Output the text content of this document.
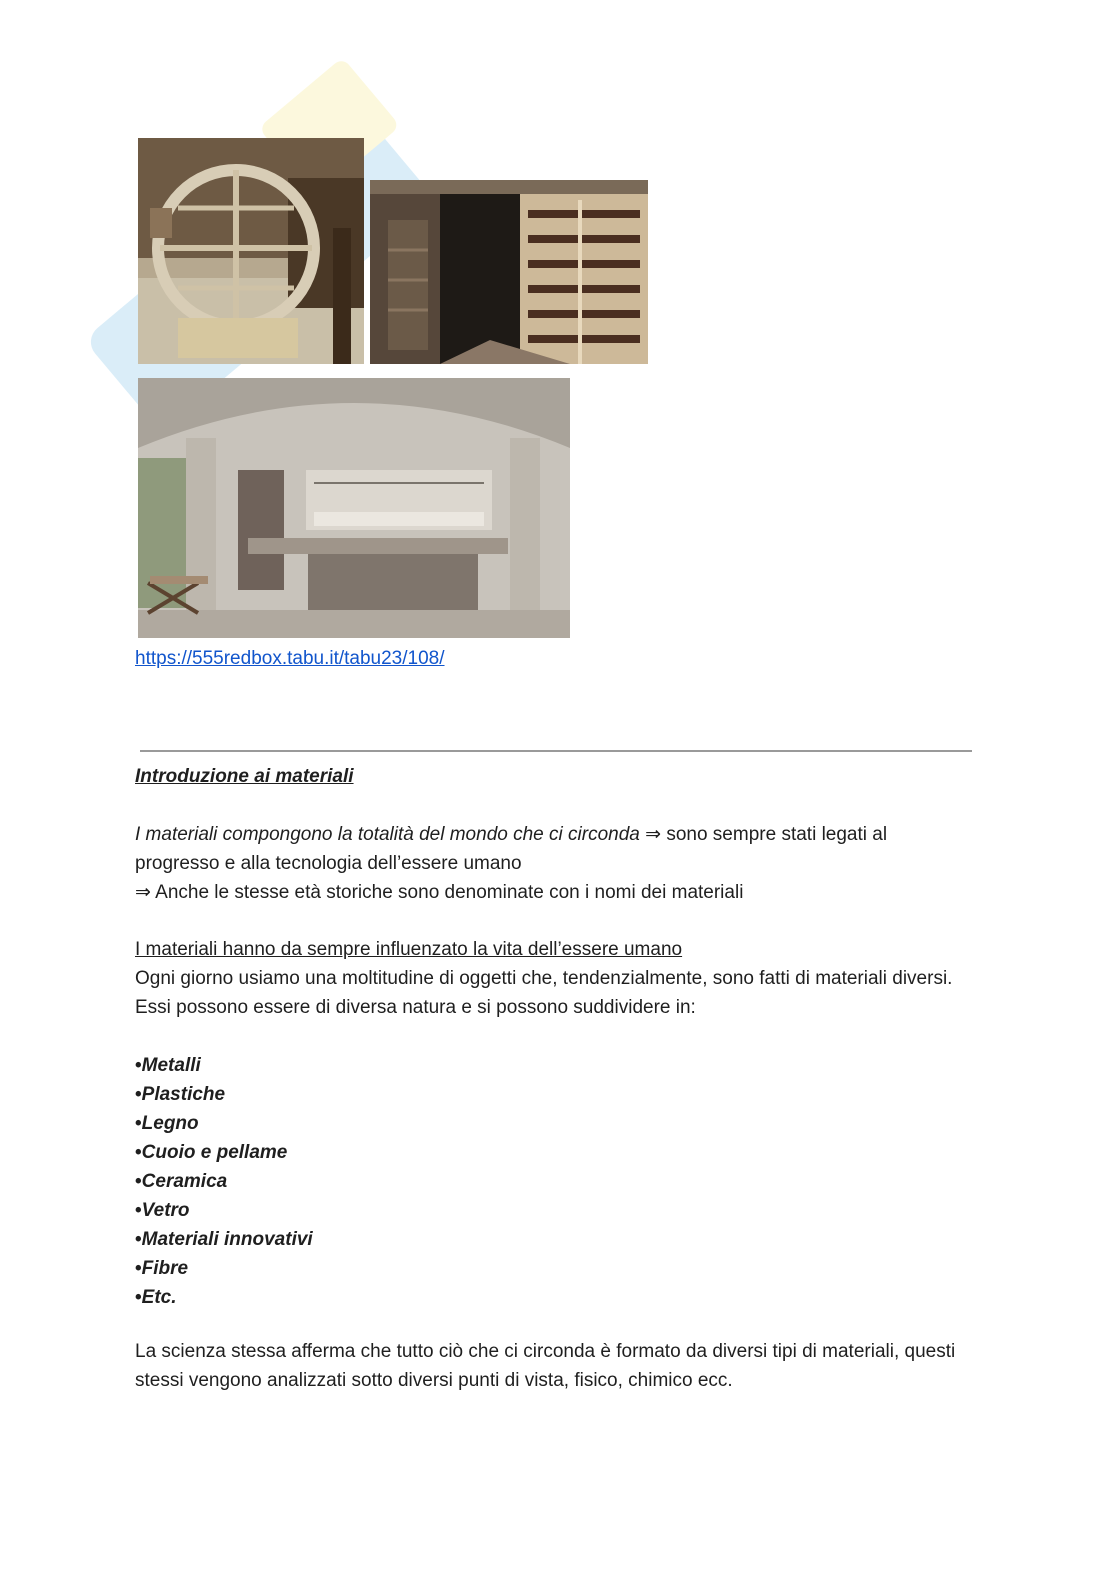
https://555redbox.tabu.it/tabu23/108/

Introduzione ai materiali

I materiali compongono la totalità del mondo che ci circonda ⇒ sono sempre stati legati al progresso e alla tecnologia dell’essere umano
⇒ Anche le stesse età storiche sono denominate con i nomi dei materiali

I materiali hanno da sempre influenzato la vita dell’essere umano

Ogni giorno usiamo una moltitudine di oggetti che, tendenzialmente, sono fatti di materiali diversi. Essi possono essere di diversa natura e si possono suddividere in:

• Metalli
• Plastiche
• Legno
• Cuoio e pellame
• Ceramica
• Vetro
• Materiali innovativi
• Fibre
• Etc.

La scienza stessa afferma che tutto ciò che ci circonda è formato da diversi tipi di materiali, questi stessi vengono analizzati sotto diversi punti di vista, fisico, chimico ecc.
